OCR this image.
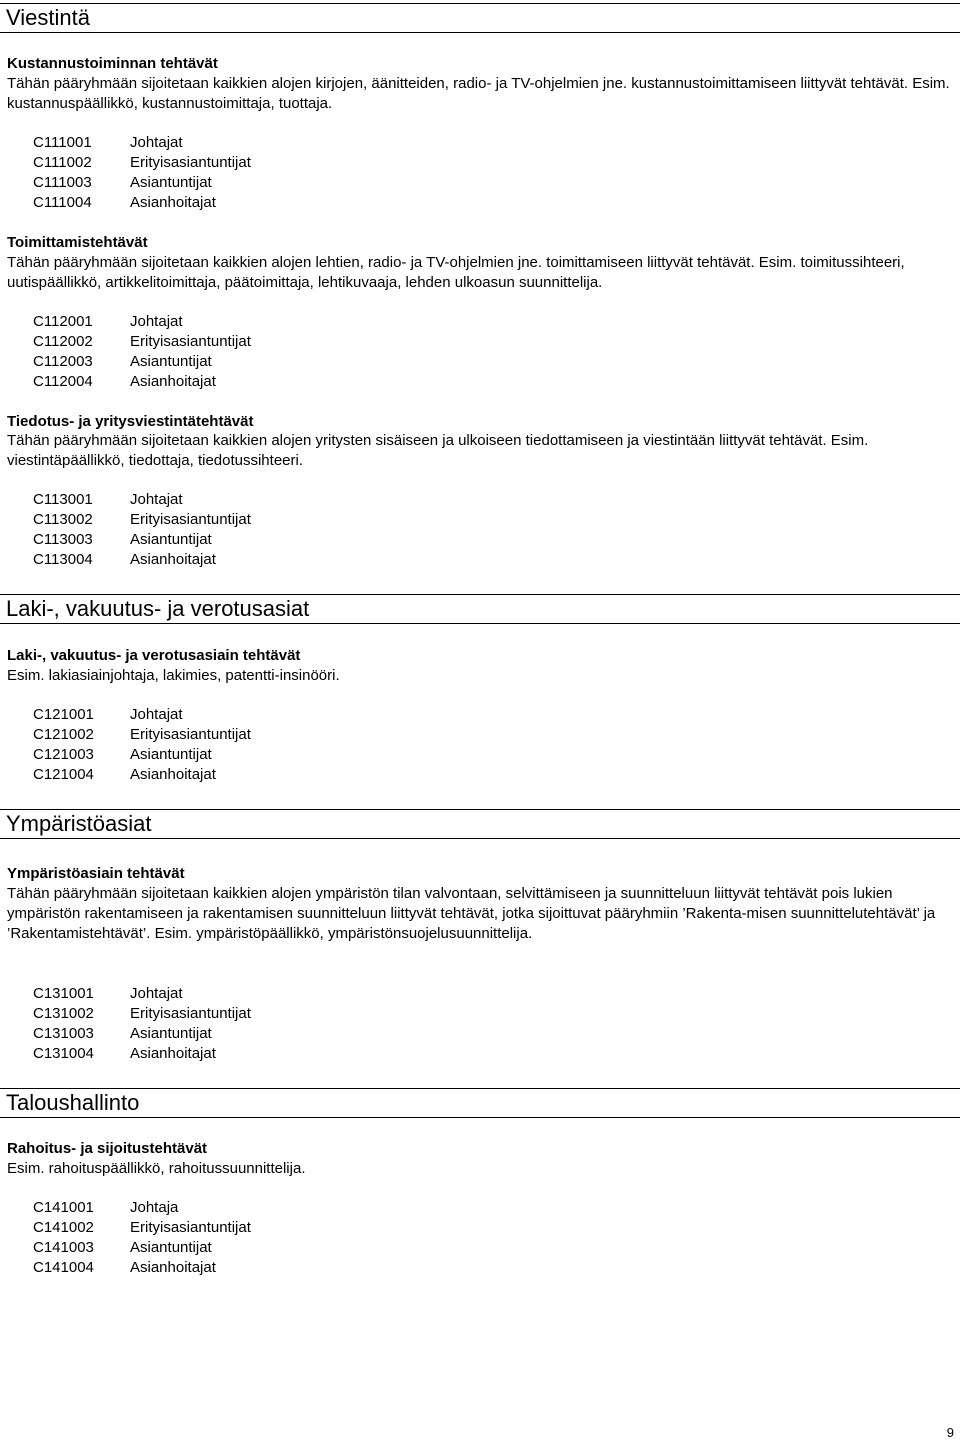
Viestintä
Kustannustoiminnan tehtävät

Tähän pääryhmään sijoitetaan kaikkien alojen kirjojen, äänitteiden, radio- ja TV-ohjelmien jne. kustannustoimittamiseen liittyvät tehtävät. Esim. kustannuspäällikkö, kustannustoimittaja, tuottaja.

C111001	Johtajat
C111002	Erityisasiantuntijat
C111003	Asiantuntijat
C111004	Asianhoitajat
Toimittamistehtävät

Tähän pääryhmään sijoitetaan kaikkien alojen lehtien, radio- ja TV-ohjelmien jne. toimittamiseen liittyvät tehtävät. Esim. toimitussihteeri, uutispäällikkö, artikkelitoimittaja, päätoimittaja, lehtikuvaaja, lehden ulkoasun suunnittelija.

C112001 Johtajat
C112002 Erityisasiantuntijat
C112003 Asiantuntijat
C112004 Asianhoitajat
Tiedotus- ja yritysviestintätehtävät

Tähän pääryhmään sijoitetaan kaikkien alojen yritysten sisäiseen ja ulkoiseen tiedottamiseen ja viestintään liittyvät tehtävät. Esim. viestintäpäällikkö, tiedottaja, tiedotussihteeri.

C113001 Johtajat
C113002 Erityisasiantuntijat
C113003 Asiantuntijat
C113004 Asianhoitajat
Laki-, vakuutus- ja verotusasiat
Laki-, vakuutus- ja verotusasiain tehtävät

Esim. lakiasiainjohtaja, lakimies, patentti-insinööri.

C121001 Johtajat
C121002 Erityisasiantuntijat
C121003 Asiantuntijat
C121004 Asianhoitajat
Ympäristöasiat
Ympäristöasiain tehtävät

Tähän pääryhmään sijoitetaan kaikkien alojen ympäristön tilan valvontaan, selvittämiseen ja suunnitteluun liittyvät tehtävät pois lukien ympäristön rakentamiseen ja rakentamisen suunnitteluun liittyvät tehtävät, jotka sijoittuvat pääryhmiin ’Rakenta-misen suunnittelutehtävät’ ja ’Rakentamistehtävät’. Esim. ympäristöpäällikkö, ympäristönsuojelusuunnittelija.

C131001 Johtajat
C131002 Erityisasiantuntijat
C131003 Asiantuntijat
C131004 Asianhoitajat
Taloushallinto
Rahoitus- ja sijoitustehtävät

Esim. rahoituspäällikkö, rahoitussuunnittelija.

C141001 Johtaja
C141002 Erityisasiantuntijat
C141003 Asiantuntijat
C141004 Asianhoitajat
9
